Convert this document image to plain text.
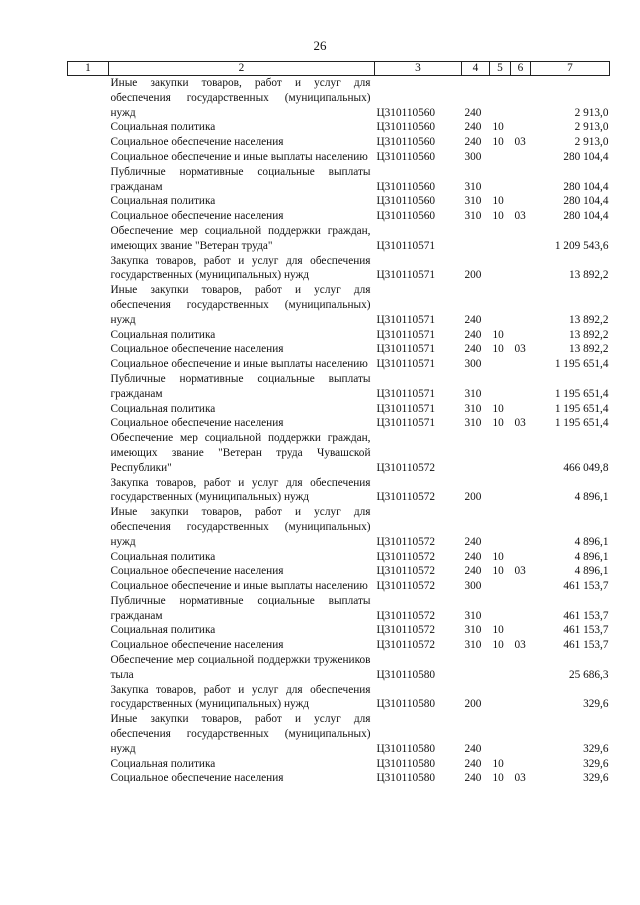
26
1	2	3	4	5	6	7
	Иные закупки товаров, работ и услуг для обеспечения государственных (муниципальных) нужд	Ц310110560	240			2 913,0
	Социальная политика	Ц310110560	240	10		2 913,0
	Социальное обеспечение населения	Ц310110560	240	10	03	2 913,0
	Социальное обеспечение и иные выплаты населению	Ц310110560	300			280 104,4
	Публичные нормативные социальные выплаты гражданам	Ц310110560	310			280 104,4
	Социальная политика	Ц310110560	310	10		280 104,4
	Социальное обеспечение населения	Ц310110560	310	10	03	280 104,4
	Обеспечение мер социальной поддержки граждан, имеющих звание "Ветеран труда"	Ц310110571				1 209 543,6
	Закупка товаров, работ и услуг для обеспечения государственных (муниципальных) нужд	Ц310110571	200			13 892,2
	Иные закупки товаров, работ и услуг для обеспечения государственных (муниципальных) нужд	Ц310110571	240			13 892,2
	Социальная политика	Ц310110571	240	10		13 892,2
	Социальное обеспечение населения	Ц310110571	240	10	03	13 892,2
	Социальное обеспечение и иные выплаты населению	Ц310110571	300			1 195 651,4
	Публичные нормативные социальные выплаты гражданам	Ц310110571	310			1 195 651,4
	Социальная политика	Ц310110571	310	10		1 195 651,4
	Социальное обеспечение населения	Ц310110571	310	10	03	1 195 651,4
	Обеспечение мер социальной поддержки граждан, имеющих звание "Ветеран труда Чувашской Республики"	Ц310110572				466 049,8
	Закупка товаров, работ и услуг для обеспечения государственных (муниципальных) нужд	Ц310110572	200			4 896,1
	Иные закупки товаров, работ и услуг для обеспечения государственных (муниципальных) нужд	Ц310110572	240			4 896,1
	Социальная политика	Ц310110572	240	10		4 896,1
	Социальное обеспечение населения	Ц310110572	240	10	03	4 896,1
	Социальное обеспечение и иные выплаты населению	Ц310110572	300			461 153,7
	Публичные нормативные социальные выплаты гражданам	Ц310110572	310			461 153,7
	Социальная политика	Ц310110572	310	10		461 153,7
	Социальное обеспечение населения	Ц310110572	310	10	03	461 153,7
	Обеспечение мер социальной поддержки тружеников тыла	Ц310110580				25 686,3
	Закупка товаров, работ и услуг для обеспечения государственных (муниципальных) нужд	Ц310110580	200			329,6
	Иные закупки товаров, работ и услуг для обеспечения государственных (муниципальных) нужд	Ц310110580	240			329,6
	Социальная политика	Ц310110580	240	10		329,6
	Социальное обеспечение населения	Ц310110580	240	10	03	329,6
